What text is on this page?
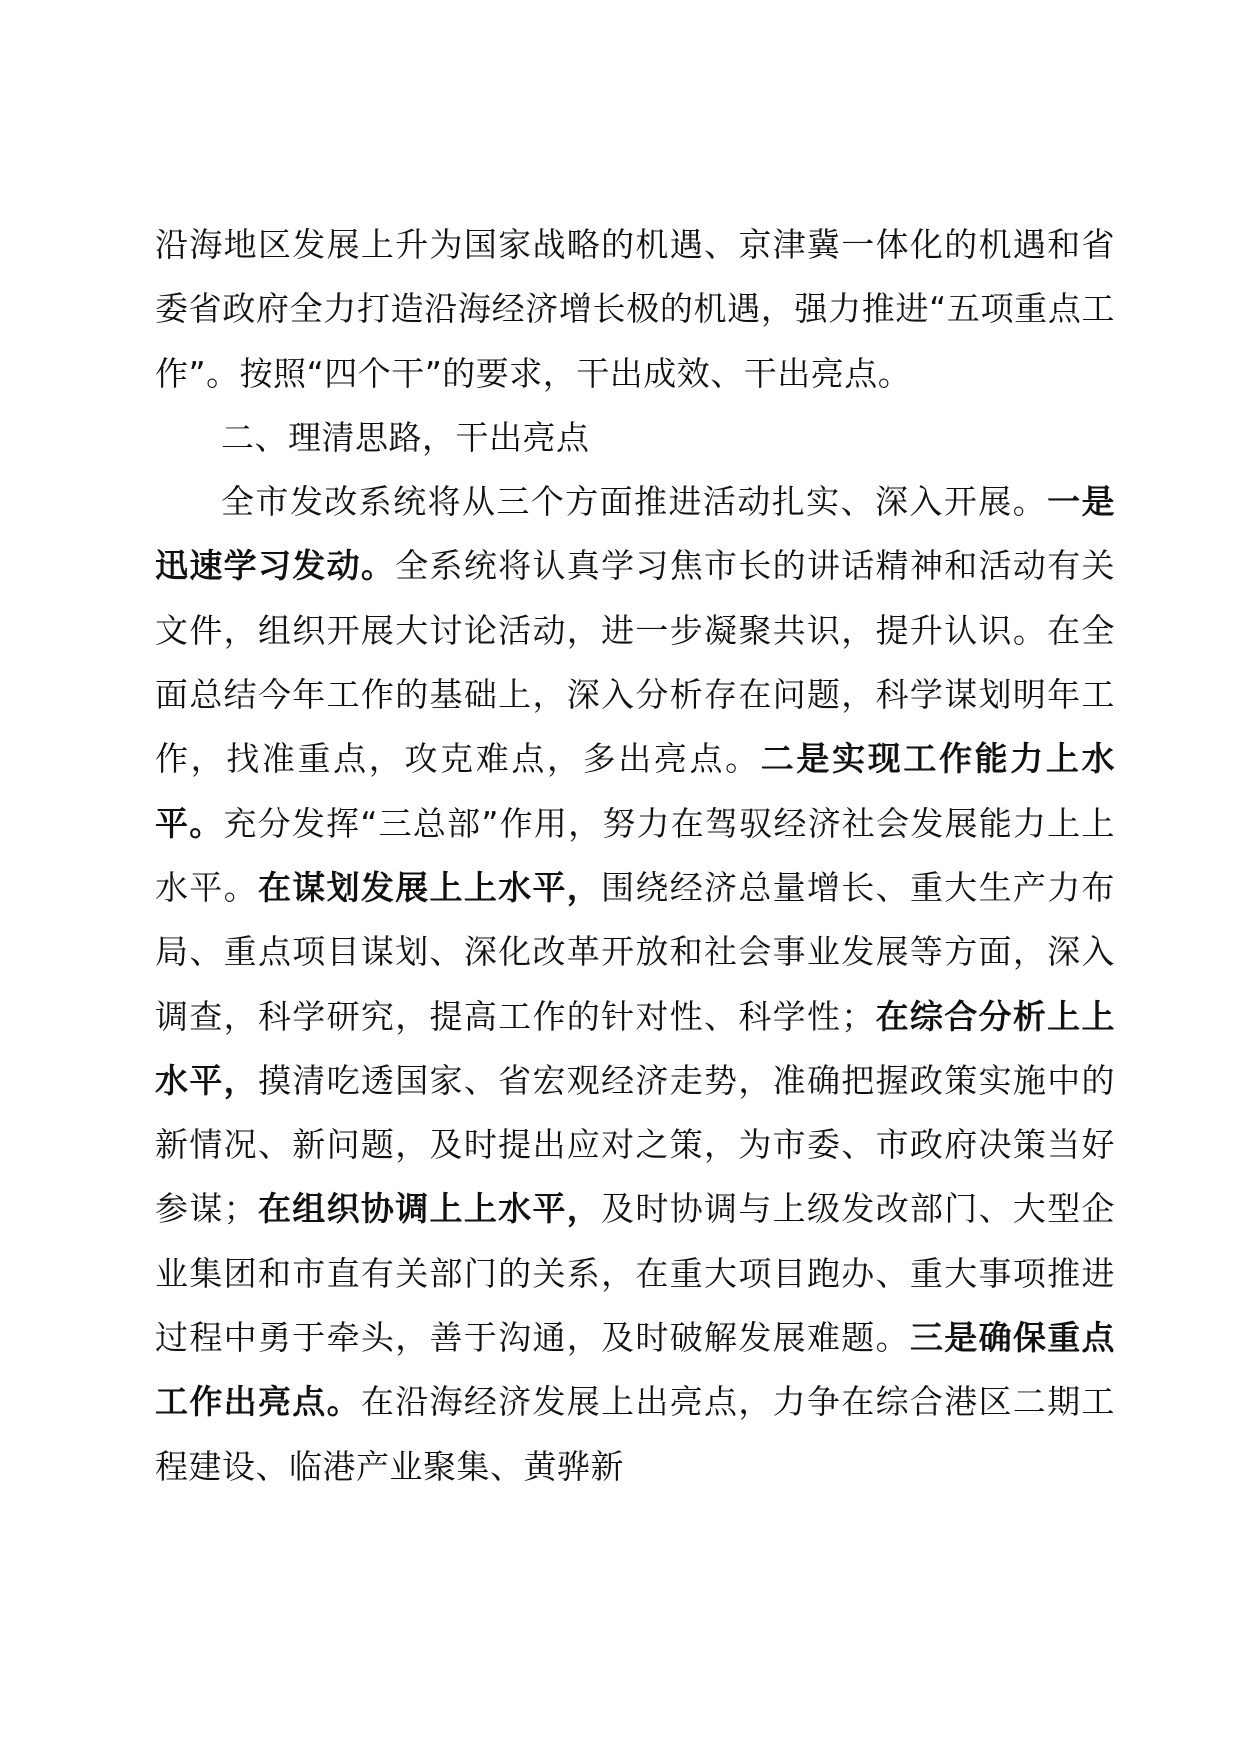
沿海地区发展上升为国家战略的机遇、京津冀一体化的机遇和省委省政府全力打造沿海经济增长极的机遇，强力推进“五项重点工作”。按照“四个干”的要求，干出成效、干出亮点。

二、理清思路，干出亮点

全市发改系统将从三个方面推进活动扎实、深入开展。一是迅速学习发动。全系统将认真学习焦市长的讲话精神和活动有关文件，组织开展大讨论活动，进一步凝聚共识，提升认识。在全面总结今年工作的基础上，深入分析存在问题，科学谋划明年工作，找准重点，攻克难点，多出亮点。二是实现工作能力上水平。充分发挥“三总部”作用，努力在驾驭经济社会发展能力上上水平。在谋划发展上上水平，围绕经济总量增长、重大生产力布局、重点项目谋划、深化改革开放和社会事业发展等方面，深入调查，科学研究，提高工作的针对性、科学性；在综合分析上上水平，摸清吃透国家、省宏观经济走势，准确把握政策实施中的新情况、新问题，及时提出应对之策，为市委、市政府决策当好参谋；在组织协调上上水平，及时协调与上级发改部门、大型企业集团和市直有关部门的关系，在重大项目跑办、重大事项推进过程中勇于牵头，善于沟通，及时破解发展难题。三是确保重点工作出亮点。在沿海经济发展上出亮点，力争在综合港区二期工程建设、临港产业聚集、黄骅新
